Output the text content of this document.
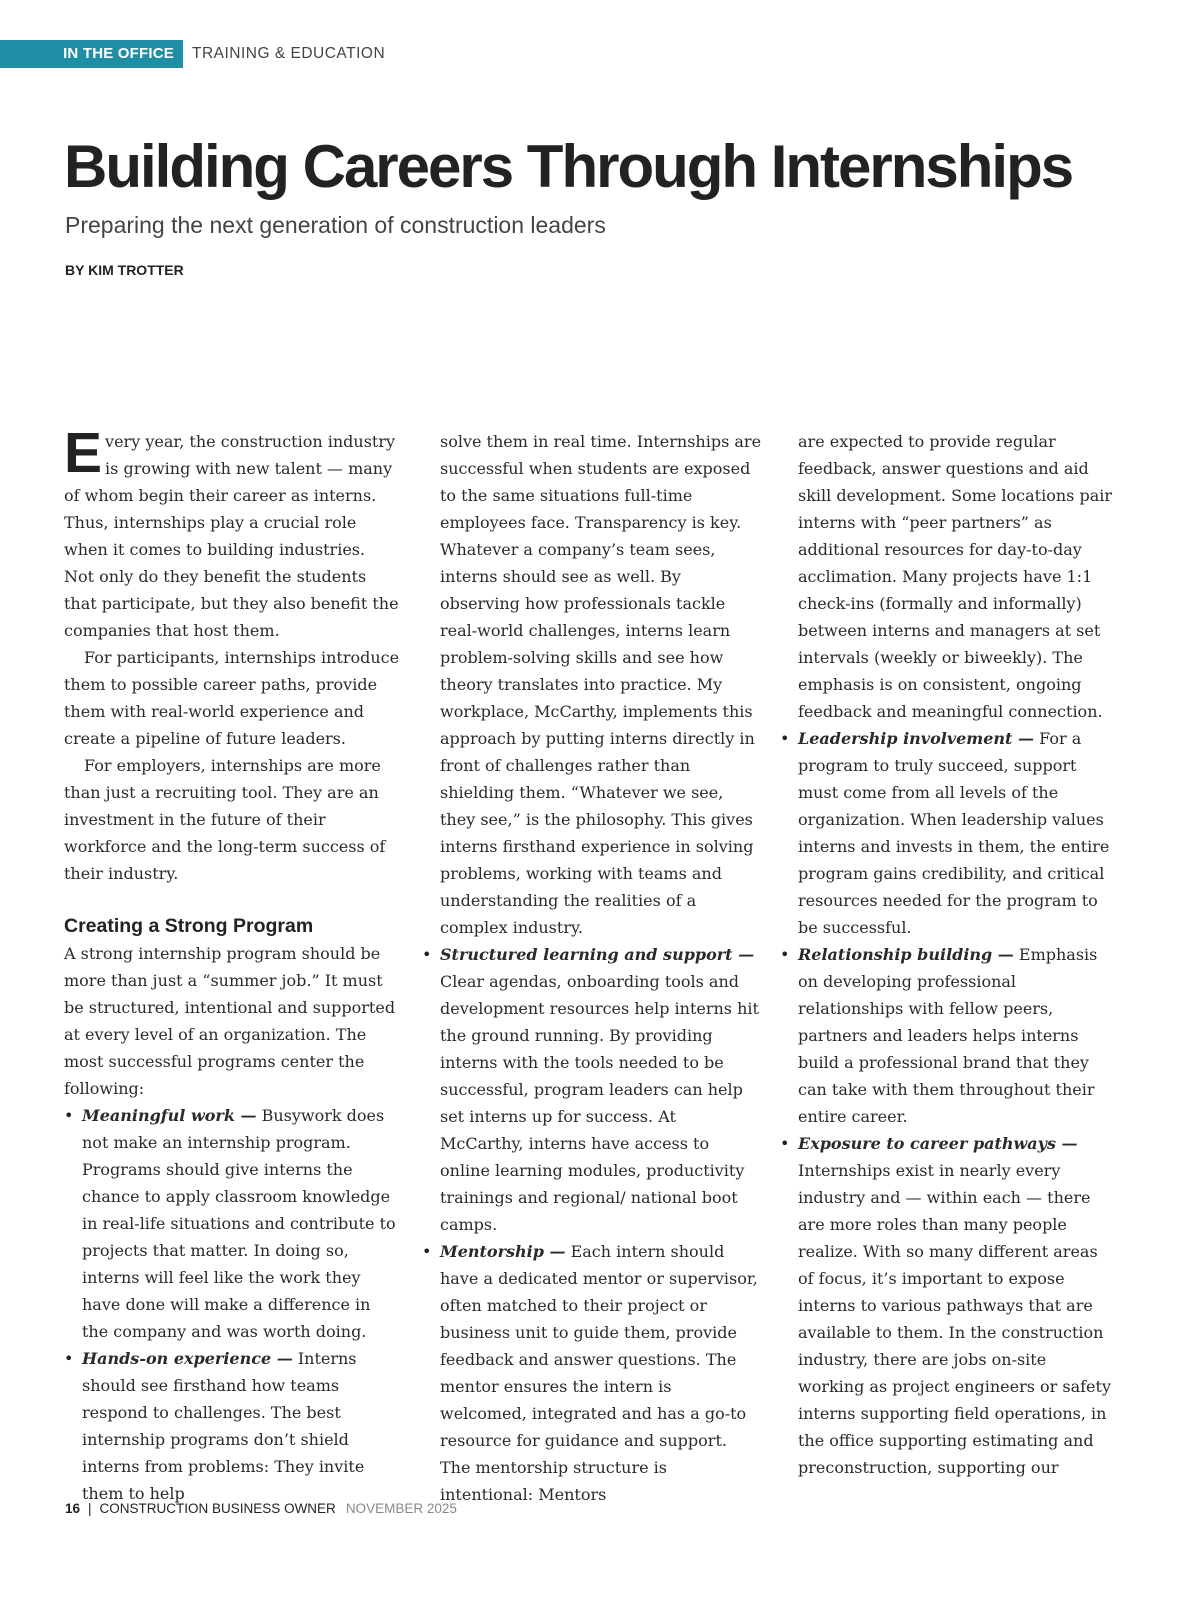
IN THE OFFICE	TRAINING & EDUCATION
Building Careers Through Internships

Preparing the next generation of construction leaders

BY KIM TROTTER

Every year, the construction industry is growing with new talent — many of whom begin their career as interns. Thus, internships play a crucial role when it comes to building industries. Not only do they benefit the students that participate, but they also benefit the companies that host them.

For participants, internships introduce them to possible career paths, provide them with real-world experience and create a pipeline of future leaders.

For employers, internships are more than just a recruiting tool. They are an investment in the future of their workforce and the long-term success of their industry.

Creating a Strong Program

A strong internship program should be more than just a “summer job.” It must be structured, intentional and supported at every level of an organization. The most successful programs center the following:

• Meaningful work — Busywork does not make an internship program. Programs should give interns the chance to apply classroom knowledge in real-life situations and contribute to projects that matter. In doing so, interns will feel like the work they have done will make a difference in the company and was worth doing.
• Hands-on experience — Interns should see firsthand how teams respond to challenges. The best internship programs don’t shield interns from problems: They invite them to help
solve them in real time. Internships are successful when students are exposed to the same situations full-time employees face. Transparency is key. Whatever a company’s team sees, interns should see as well. By observing how professionals tackle real-world challenges, interns learn problem-solving skills and see how theory translates into practice. My workplace, McCarthy, implements this approach by putting interns directly in front of challenges rather than shielding them. “Whatever we see, they see,” is the philosophy. This gives interns firsthand experience in solving problems, working with teams and understanding the realities of a complex industry.
• Structured learning and support — Clear agendas, onboarding tools and development resources help interns hit the ground running. By providing interns with the tools needed to be successful, program leaders can help set interns up for success. At McCarthy, interns have access to online learning modules, productivity trainings and regional/ national boot camps.
• Mentorship — Each intern should have a dedicated mentor or supervisor, often matched to their project or business unit to guide them, provide feedback and answer questions. The mentor ensures the intern is welcomed, integrated and has a go-to resource for guidance and support. The mentorship structure is intentional: Mentors
are expected to provide regular feedback, answer questions and aid skill development. Some locations pair interns with “peer partners” as additional resources for day-to-day acclimation. Many projects have 1:1 check-ins (formally and informally) between interns and managers at set intervals (weekly or biweekly). The emphasis is on consistent, ongoing feedback and meaningful connection.
• Leadership involvement — For a program to truly succeed, support must come from all levels of the organization. When leadership values interns and invests in them, the entire program gains credibility, and critical resources needed for the program to be successful.
• Relationship building — Emphasis on developing professional relationships with fellow peers, partners and leaders helps interns build a professional brand that they can take with them throughout their entire career.
• Exposure to career pathways — Internships exist in nearly every industry and — within each — there are more roles than many people realize. With so many different areas of focus, it’s important to expose interns to various pathways that are available to them. In the construction industry, there are jobs on-site working as project engineers or safety interns supporting field operations, in the office supporting estimating and preconstruction, supporting our
16 | CONSTRUCTION BUSINESS OWNER NOVEMBER 2025
